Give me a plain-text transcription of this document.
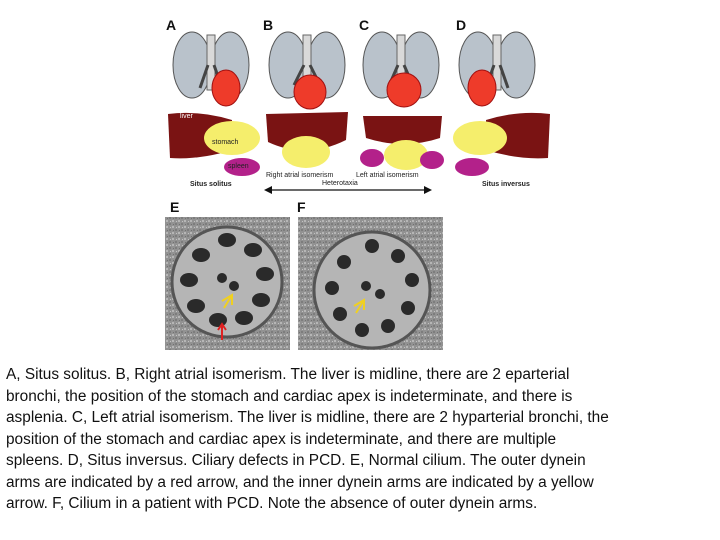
A	B	C	D
E	F
liver
stomach
spleen
Situs solitus
Right atrial isomerism	Left atrial isomerism
Situs inversus
Heterotaxia
A, Situs solitus. B, Right atrial isomerism. The liver is midline, there are 2 eparterial
bronchi, the position of the stomach and cardiac apex is indeterminate, and there is
asplenia. C, Left atrial isomerism. The liver is midline, there are 2 hyparterial bronchi, the
position of the stomach and cardiac apex is indeterminate, and there are multiple
spleens. D, Situs inversus. Ciliary defects in PCD. E, Normal cilium. The outer dynein
arms are indicated by a red arrow, and the inner dynein arms are indicated by a yellow
arrow. F, Cilium in a patient with PCD. Note the absence of outer dynein arms.
